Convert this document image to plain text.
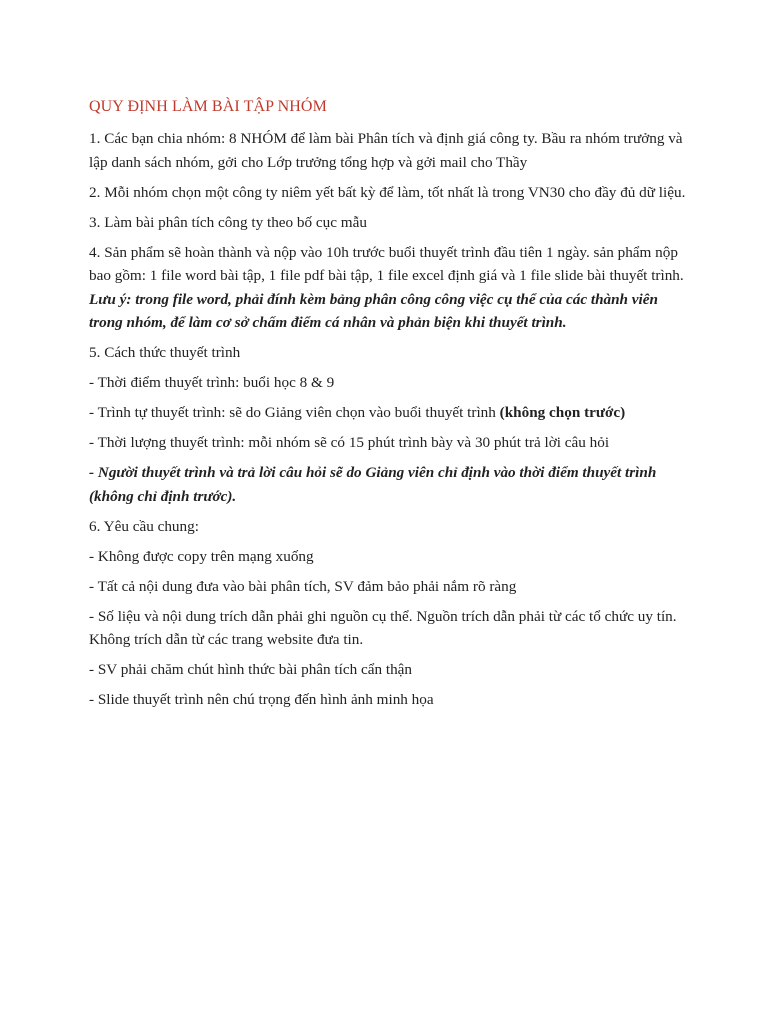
QUY ĐỊNH LÀM BÀI TẬP NHÓM

1. Các bạn chia nhóm: 8 NHÓM để làm bài Phân tích và định giá công ty. Bầu ra nhóm trưởng và lập danh sách nhóm, gởi cho Lớp trưởng tổng hợp và gởi mail cho Thầy

2. Mỗi nhóm chọn một công ty niêm yết bất kỳ để làm, tốt nhất là trong VN30 cho đầy đủ dữ liệu.

3. Làm bài phân tích công ty theo bố cục mẫu

4. Sản phẩm sẽ hoàn thành và nộp vào 10h trước buổi thuyết trình đầu tiên 1 ngày. sản phẩm nộp bao gồm: 1 file word bài tập, 1 file pdf bài tập, 1 file excel định giá và 1 file slide bài thuyết trình. Lưu ý: trong file word, phải đính kèm bảng phân công công việc cụ thể của các thành viên trong nhóm, để làm cơ sở chấm điểm cá nhân và phản biện khi thuyết trình.

5. Cách thức thuyết trình

- Thời điểm thuyết trình: buổi học 8 & 9

- Trình tự thuyết trình: sẽ do Giảng viên chọn vào buổi thuyết trình (không chọn trước)

- Thời lượng thuyết trình: mỗi nhóm sẽ có 15 phút trình bày và 30 phút trả lời câu hỏi

- Người thuyết trình và trả lời câu hỏi sẽ do Giảng viên chỉ định vào thời điểm thuyết trình (không chỉ định trước).

6. Yêu cầu chung:

- Không được copy trên mạng xuống

- Tất cả nội dung đưa vào bài phân tích, SV đảm bảo phải nắm rõ ràng

- Số liệu và nội dung trích dẫn phải ghi nguồn cụ thể. Nguồn trích dẫn phải từ các tổ chức uy tín. Không trích dẫn từ các trang website đưa tin.

- SV phải chăm chút hình thức bài phân tích cẩn thận

- Slide thuyết trình nên chú trọng đến hình ảnh minh họa
